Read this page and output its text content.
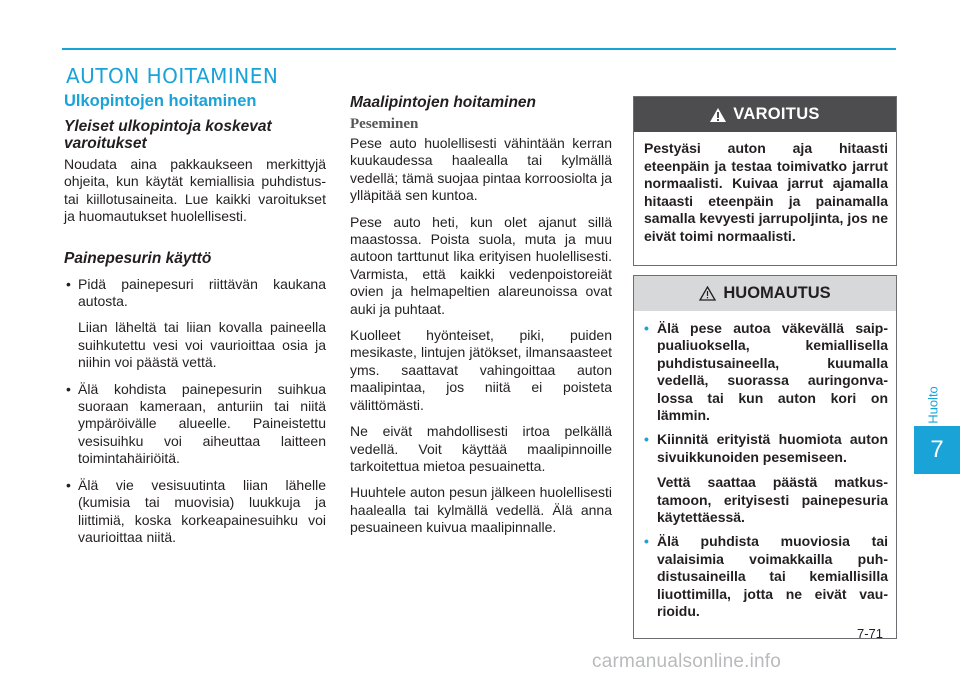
AUTON HOITAMINEN
Ulkopintojen hoitaminen
Yleiset ulkopintoja koskevat varoitukset

Noudata aina pakkaukseen merkittyjä ohjeita, kun käytät kemiallisia puhdistus- tai kiillotusaineita. Lue kaikki varoitukset ja huomautukset huolellisesti.

Painepesurin käyttö
• Pidä painepesuri riittävän kaukana autosta.
Liian läheltä tai liian kovalla paineella suihkutettu vesi voi vaurioittaa osia ja niihin voi päästä vettä.
• Älä kohdista painepesurin suihkua suoraan kameraan, anturiin tai niitä ympäröivälle alueelle. Paineistettu vesisuihku voi aiheuttaa laitteen toimintahäiriöitä.
• Älä vie vesisuutinta liian lähelle (kumisia tai muovisia) luukkuja ja liittimiä, koska korkeapainesuihku voi vaurioittaa niitä.
Maalipintojen hoitaminen
Peseminen

Pese auto huolellisesti vähintään kerran kuukaudessa haalealla tai kylmällä vedellä; tämä suojaa pintaa korroosiolta ja ylläpitää sen kuntoa.

Pese auto heti, kun olet ajanut sillä maastossa. Poista suola, muta ja muu autoon tarttunut lika erityisen huolellisesti. Varmista, että kaikki vedenpoistoreiät ovien ja helmapeltien alareunoissa ovat auki ja puhtaat.

Kuolleet hyönteiset, piki, puiden mesikaste, lintujen jätökset, ilmansaasteet yms. saattavat vahingoittaa auton maalipintaa, jos niitä ei poisteta välittömästi.

Ne eivät mahdollisesti irtoa pelkällä vedellä. Voit käyttää maalipinnoille tarkoitettua mietoa pesuainetta.

Huuhtele auton pesun jälkeen huolellisesti haalealla tai kylmällä vedellä. Älä anna pesuaineen kuivua maalipinnalle.

VAROITUS
Pestyäsi auton aja hitaasti eteenpäin ja testaa toimivatko jarrut normaalisti. Kuivaa jarrut ajamalla hitaasti eteenpäin ja painamalla samalla kevyesti jarrupoljinta, jos ne eivät toimi normaalisti.
HUOMAUTUS
• Älä pese autoa väkevällä saippualiuoksella, kemiallisella puhdistusaineella, kuumalla vedellä, suorassa auringonvalossa tai kun auton kori on lämmin.
• Kiinnitä erityistä huomiota auton sivuikkunoiden pesemiseen.
Vettä saattaa päästä matkustamoon, erityisesti painepesuria käytettäessä.
• Älä puhdista muoviosia tai valaisimia voimakkailla puhdistusaineilla tai kemiallisilla liuottimilla, jotta ne eivät vaurioidu.
Huolto
7
7-71
carmanualsonline.info
